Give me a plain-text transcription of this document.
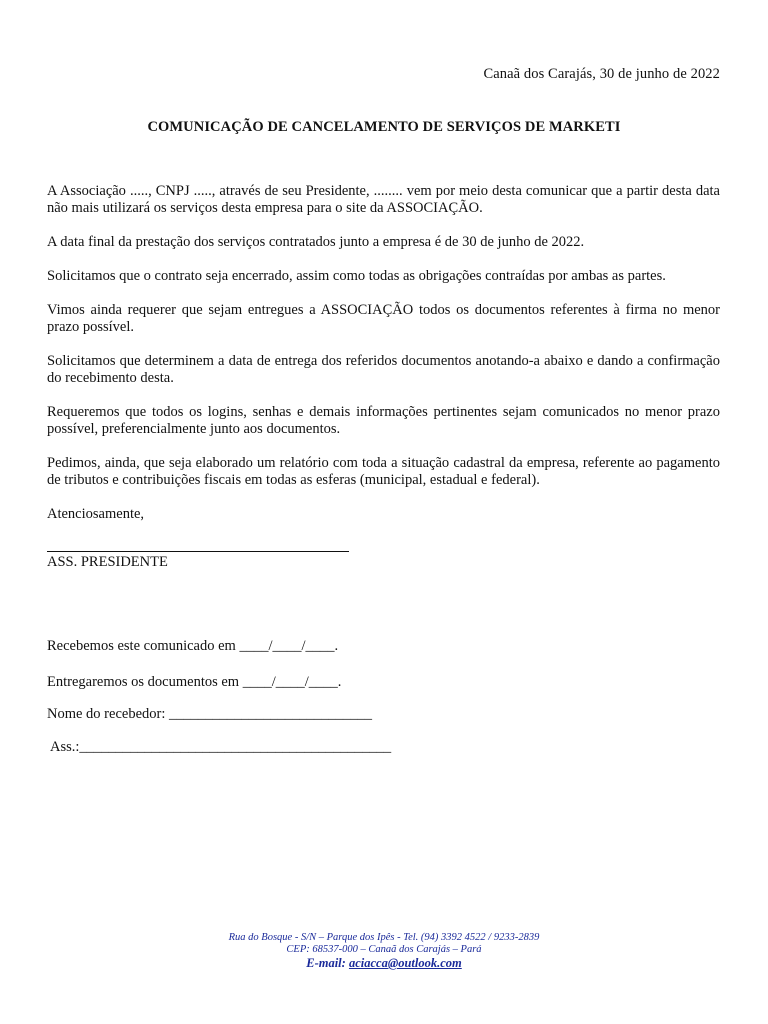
Canaã dos Carajás, 30 de junho de 2022
COMUNICAÇÃO DE CANCELAMENTO DE SERVIÇOS DE MARKETI

A Associação ....., CNPJ ....., através de seu Presidente, ........ vem por meio desta comunicar que a partir desta data não mais utilizará os serviços desta empresa para o site da ASSOCIAÇÃO.

A data final da prestação dos serviços contratados junto a empresa é de 30 de junho de 2022.

Solicitamos que o contrato seja encerrado, assim como todas as obrigações contraídas por ambas as partes.

Vimos ainda requerer que sejam entregues a ASSOCIAÇÃO todos os documentos referentes à firma no menor prazo possível.

Solicitamos que determinem a data de entrega dos referidos documentos anotando-a abaixo e dando a confirmação do recebimento desta.

Requeremos que todos os logins, senhas e demais informações pertinentes sejam comunicados no menor prazo possível, preferencialmente junto aos documentos.

Pedimos, ainda, que seja elaborado um relatório com toda a situação cadastral da empresa, referente ao pagamento de tributos e contribuições fiscais em todas as esferas (municipal, estadual e federal).

Atenciosamente,

ASS. PRESIDENTE
Recebemos este comunicado em ____/____/____.
Entregaremos os documentos em ____/____/____.
Nome do recebedor: ____________________________
Ass.:___________________________________________
Rua do Bosque - S/N – Parque dos Ipês - Tel. (94) 3392 4522 / 9233-2839
CEP: 68537-000 – Canaã dos Carajás – Pará
E-mail: aciacca@outlook.com
